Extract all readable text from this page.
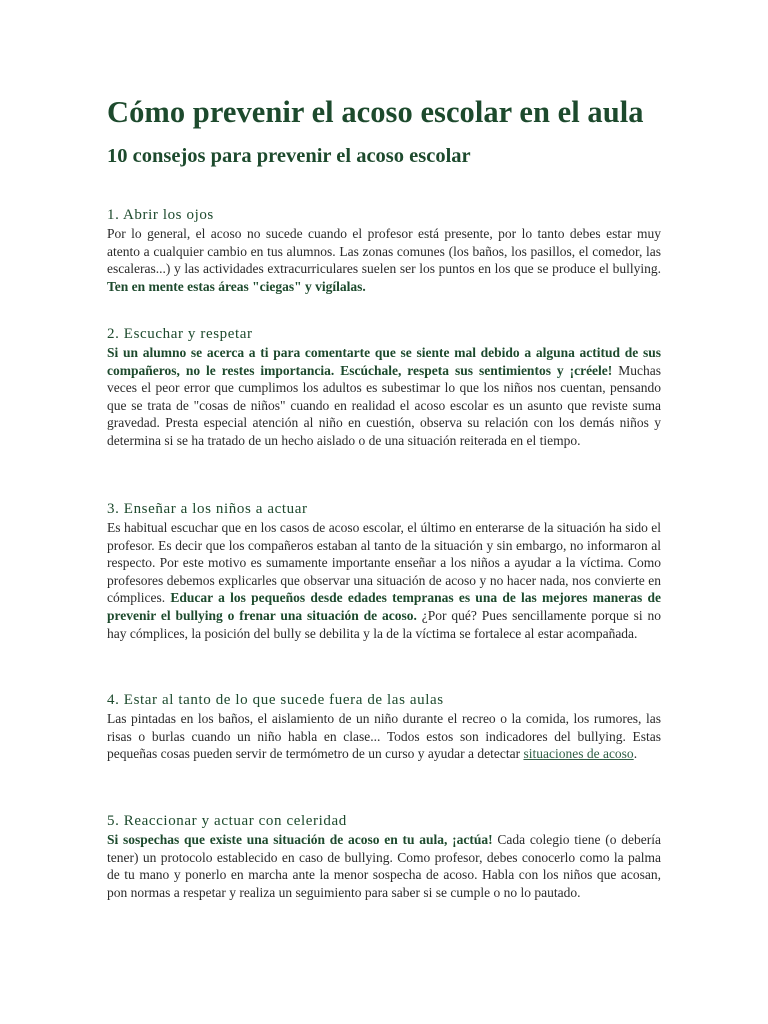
Cómo prevenir el acoso escolar en el aula
10 consejos para prevenir el acoso escolar
1. Abrir los ojos

Por lo general, el acoso no sucede cuando el profesor está presente, por lo tanto debes estar muy atento a cualquier cambio en tus alumnos. Las zonas comunes (los baños, los pasillos, el comedor, las escaleras...) y las actividades extracurriculares suelen ser los puntos en los que se produce el bullying. Ten en mente estas áreas "ciegas" y vigílalas.

2. Escuchar y respetar

Si un alumno se acerca a ti para comentarte que se siente mal debido a alguna actitud de sus compañeros, no le restes importancia. Escúchale, respeta sus sentimientos y ¡créele! Muchas veces el peor error que cumplimos los adultos es subestimar lo que los niños nos cuentan, pensando que se trata de "cosas de niños" cuando en realidad el acoso escolar es un asunto que reviste suma gravedad. Presta especial atención al niño en cuestión, observa su relación con los demás niños y determina si se ha tratado de un hecho aislado o de una situación reiterada en el tiempo.

3. Enseñar a los niños a actuar

Es habitual escuchar que en los casos de acoso escolar, el último en enterarse de la situación ha sido el profesor. Es decir que los compañeros estaban al tanto de la situación y sin embargo, no informaron al respecto. Por este motivo es sumamente importante enseñar a los niños a ayudar a la víctima. Como profesores debemos explicarles que observar una situación de acoso y no hacer nada, nos convierte en cómplices. Educar a los pequeños desde edades tempranas es una de las mejores maneras de prevenir el bullying o frenar una situación de acoso. ¿Por qué? Pues sencillamente porque si no hay cómplices, la posición del bully se debilita y la de la víctima se fortalece al estar acompañada.

4. Estar al tanto de lo que sucede fuera de las aulas

Las pintadas en los baños, el aislamiento de un niño durante el recreo o la comida, los rumores, las risas o burlas cuando un niño habla en clase... Todos estos son indicadores del bullying. Estas pequeñas cosas pueden servir de termómetro de un curso y ayudar a detectar situaciones de acoso.

5. Reaccionar y actuar con celeridad

Si sospechas que existe una situación de acoso en tu aula, ¡actúa! Cada colegio tiene (o debería tener) un protocolo establecido en caso de bullying. Como profesor, debes conocerlo como la palma de tu mano y ponerlo en marcha ante la menor sospecha de acoso. Habla con los niños que acosan, pon normas a respetar y realiza un seguimiento para saber si se cumple o no lo pautado.
